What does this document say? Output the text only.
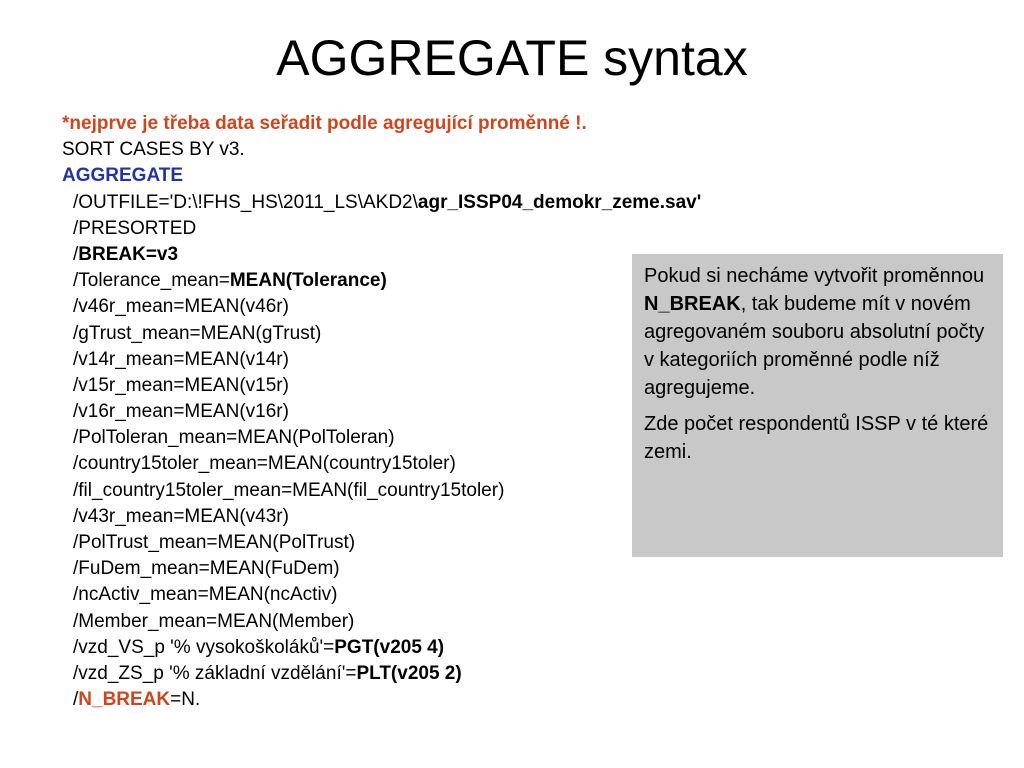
AGGREGATE syntax
*nejprve je třeba data seřadit podle agregující proměnné !.
SORT CASES BY v3.
AGGREGATE
/OUTFILE='D:\!FHS_HS\2011_LS\AKD2\agr_ISSP04_demokr_zeme.sav'
/PRESORTED
/BREAK=v3
/Tolerance_mean=MEAN(Tolerance)
/v46r_mean=MEAN(v46r)
/gTrust_mean=MEAN(gTrust)
/v14r_mean=MEAN(v14r)
/v15r_mean=MEAN(v15r)
/v16r_mean=MEAN(v16r)
/PolToleran_mean=MEAN(PolToleran)
/country15toler_mean=MEAN(country15toler)
/fil_country15toler_mean=MEAN(fil_country15toler)
/v43r_mean=MEAN(v43r)
/PolTrust_mean=MEAN(PolTrust)
/FuDem_mean=MEAN(FuDem)
/ncActiv_mean=MEAN(ncActiv)
/Member_mean=MEAN(Member)
/vzd_VS_p '% vysokoškoláků'=PGT(v205 4)
/vzd_ZS_p '% základní vzdělání'=PLT(v205 2)
/N_BREAK=N.

Pokud si necháme vytvořit proměnnou N_BREAK, tak budeme mít v novém agregovaném souboru absolutní počty v kategoriích proměnné podle níž agregujeme.

Zde počet respondentů ISSP v té které zemi.
